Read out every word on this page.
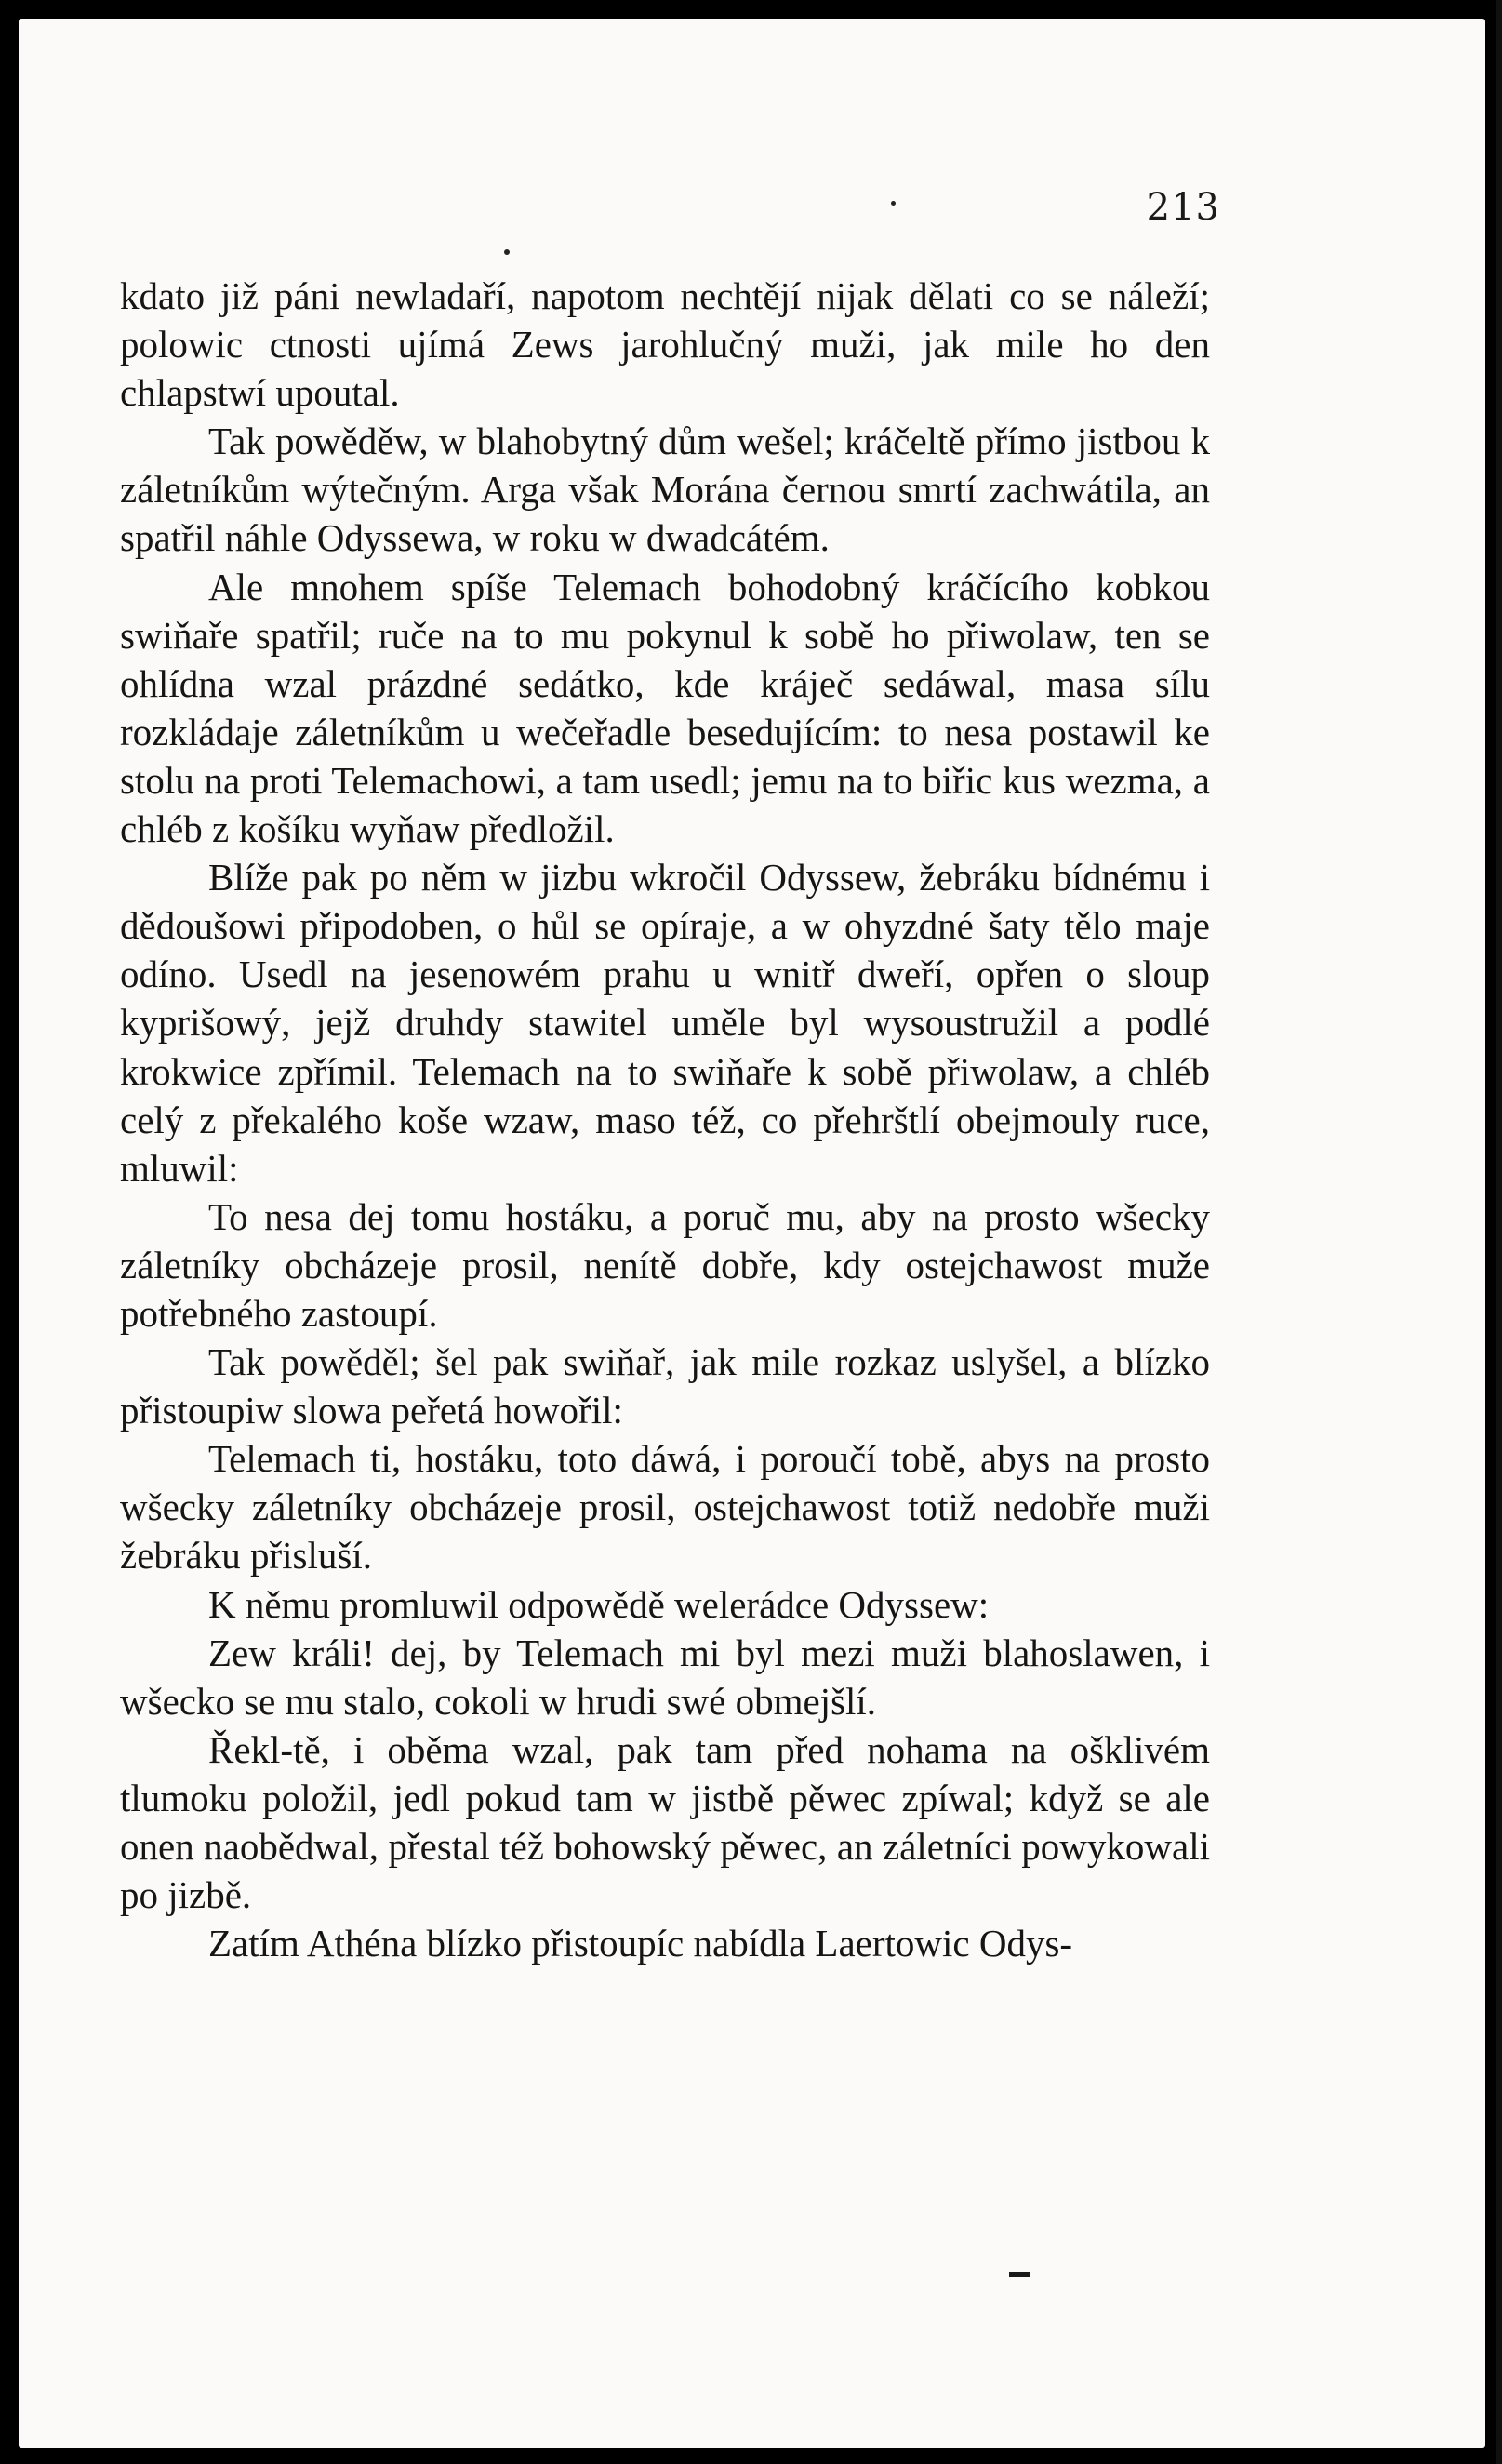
213

kdato již páni newladaří, napotom nechtějí nijak dělati co se náleží; polowic ctnosti ujímá Zews jarohlučný muži, jak mile ho den chlapstwí upoutal.

Tak powěděw, w blahobytný dům wešel; kráčeltě přímo jistbou k záletníkům wýtečným. Arga však Morána černou smrtí zachwátila, an spatřil náhle Odyssewa, w roku w dwadcátém.

Ale mnohem spíše Telemach bohodobný kráčícího kobkou swiňaře spatřil; ruče na to mu pokynul k sobě ho přiwolaw, ten se ohlídna wzal prázdné sedátko, kde kráječ sedáwal, masa sílu rozkládaje záletníkům u wečeřadle besedujícím: to nesa postawil ke stolu na proti Telemachowi, a tam usedl; jemu na to biřic kus wezma, a chléb z košíku wyňaw předložil.

Blíže pak po něm w jizbu wkročil Odyssew, žebráku bídnému i dědoušowi připodoben, o hůl se opíraje, a w ohyzdné šaty tělo maje odíno. Usedl na jesenowém prahu u wnitř dweří, opřen o sloup kyprišowý, jejž druhdy stawitel uměle byl wysoustružil a podlé krokwice zpřímil. Telemach na to swiňaře k sobě přiwolaw, a chléb celý z překalého koše wzaw, maso též, co přehrštlí obejmouly ruce, mluwil:

To nesa dej tomu hostáku, a poruč mu, aby na prosto wšecky záletníky obcházeje prosil, nenítě dobře, kdy ostejchawost muže potřebného zastoupí.

Tak powěděl; šel pak swiňař, jak mile rozkaz uslyšel, a blízko přistoupiw slowa peřetá howořil:

Telemach ti, hostáku, toto dáwá, i poroučí tobě, abys na prosto wšecky záletníky obcházeje prosil, ostejchawost totiž nedobře muži žebráku přisluší.

K němu promluwil odpowědě welerádce Odyssew:

Zew králi! dej, by Telemach mi byl mezi muži blahoslawen, i wšecko se mu stalo, cokoli w hrudi swé obmejšlí.

Řekl-tě, i oběma wzal, pak tam před nohama na ošklivém tlumoku položil, jedl pokud tam w jistbě pěwec zpíwal; když se ale onen naobědwal, přestal též bohowský pěwec, an záletníci powykowali po jizbě.

Zatím Athéna blízko přistoupíc nabídla Laertowic Odys-
